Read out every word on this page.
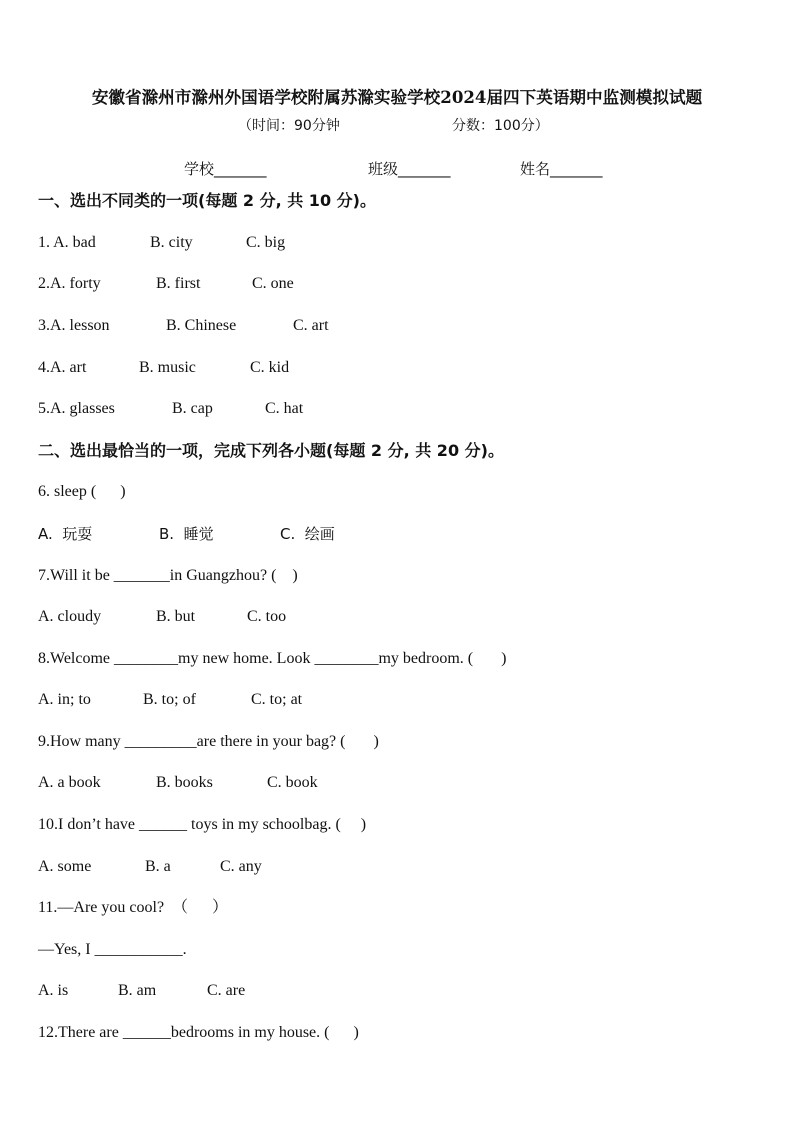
安徽省滁州市滁州外国语学校附属苏滁实验学校2024届四下英语期中监测模拟试题
（时间：90分钟	分数：100分）
学校_______	班级_______	姓名_______
一、选出不同类的一项(每题 2 分, 共 10 分)。
1. A. bad	B. city	C. big
2.A. forty	B. first	C. one
3.A. lesson	B. Chinese	C. art
4.A. art	B. music	C. kid
5.A. glasses	B. cap	C. hat
二、选出最恰当的一项，完成下列各小题(每题 2 分, 共 20 分)。
6. sleep (      )
A.  玩耍	B.  睡觉	C.  绘画
7.Will it be _______in Guangzhou? (    )
A. cloudy	B. but	C. too
8.Welcome ________my new home. Look ________my bedroom. (       )
A. in; to	B. to; of	C. to; at
9.How many _________are there in your bag? (       )
A. a book	B. books	C. book
10.I don’t have ______ toys in my schoolbag. (     )
A. some	B. a	C. any
11.—Are you cool?  （      ）
—Yes, I ___________.
A. is	B. am	C. are
12.There are ______bedrooms in my house. (      )
